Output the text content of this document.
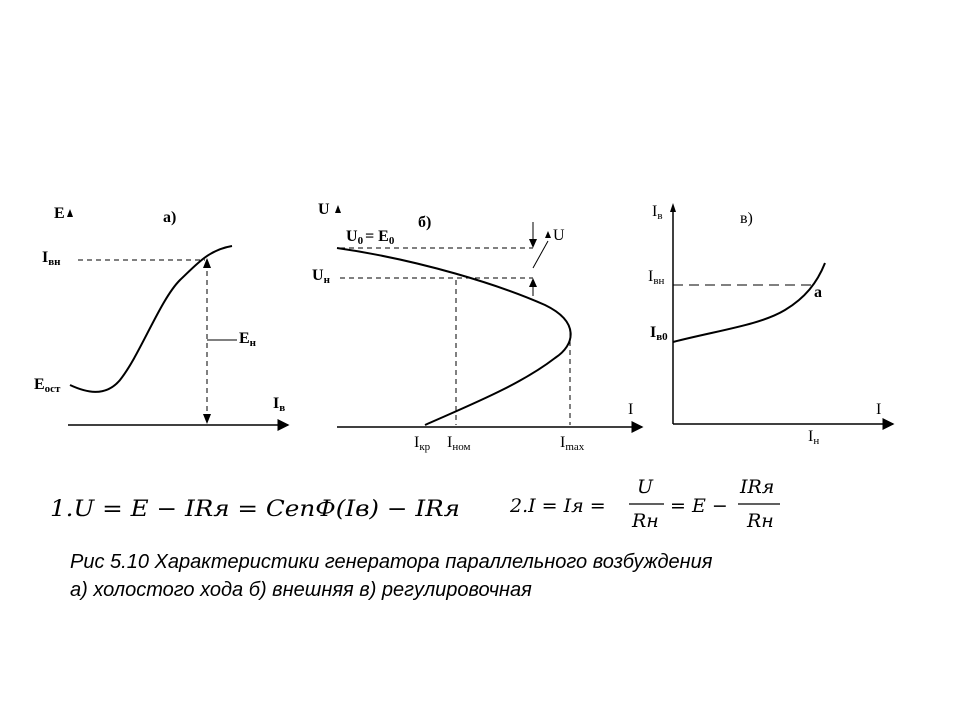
E	а)
Iвн
Eост
Eн
Iв
U
б)
I
U
U0 = E0
Uн
Iкр Iном	Imax
Iв	в)
I
Iвн
Iв0
Iн
а
1.U = E − IRя = CenФ(Iв) − IRя	2.I = Iя =
U
Rн
= E −
IRя
Rн
Рис 5.10 Характеристики генератора параллельного возбуждения
а) холостого хода б) внешняя в) регулировочная
